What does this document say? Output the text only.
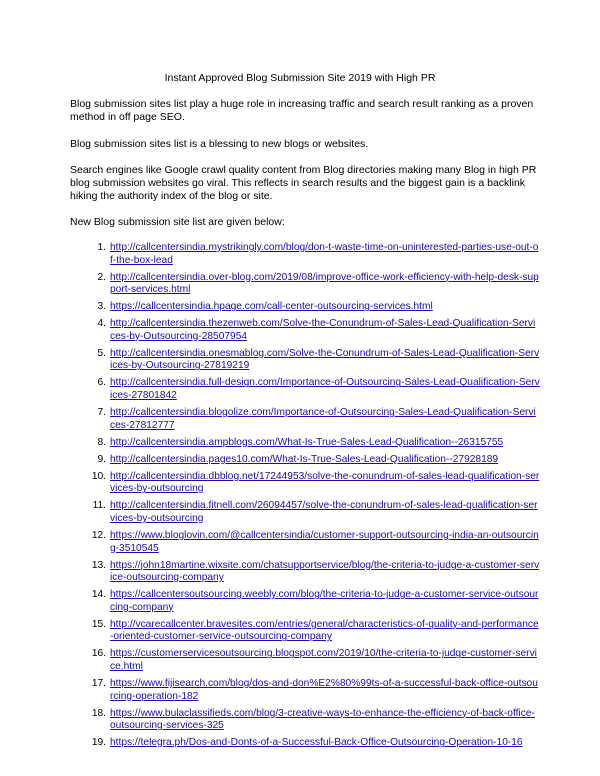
Instant Approved Blog Submission Site 2019 with High PR

Blog submission sites list play a huge role in increasing traffic and search result ranking as a proven method in off page SEO.

Blog submission sites list is a blessing to new blogs or websites.

Search engines like Google crawl quality content from Blog directories making many Blog in high PR blog submission websites go viral. This reflects in search results and the biggest gain is a backlink hiking the authority index of the blog or site.

New Blog submission site list are given below:

1. http://callcentersindia.mystrikingly.com/blog/don-t-waste-time-on-uninterested-parties-use-out-of-the-box-lead
2. http://callcentersindia.over-blog.com/2019/08/improve-office-work-efficiency-with-help-desk-support-services.html
3. https://callcentersindia.hpage.com/call-center-outsourcing-services.html
4. http://callcentersindia.thezenweb.com/Solve-the-Conundrum-of-Sales-Lead-Qualification-Services-by-Outsourcing-28507954
5. http://callcentersindia.onesmablog.com/Solve-the-Conundrum-of-Sales-Lead-Qualification-Services-by-Outsourcing-27819219
6. http://callcentersindia.full-design.com/Importance-of-Outsourcing-Sales-Lead-Qualification-Services-27801842
7. http://callcentersindia.blogolize.com/Importance-of-Outsourcing-Sales-Lead-Qualification-Services-27812777
8. http://callcentersindia.ampblogs.com/What-Is-True-Sales-Lead-Qualification--26315755
9. http://callcentersindia.pages10.com/What-Is-True-Sales-Lead-Qualification--27928189
10. http://callcentersindia.dbblog.net/17244953/solve-the-conundrum-of-sales-lead-qualification-services-by-outsourcing
11. http://callcentersindia.fitnell.com/26094457/solve-the-conundrum-of-sales-lead-qualification-services-by-outsourcing
12. https://www.bloglovin.com/@callcentersindia/customer-support-outsourcing-india-an-outsourcing-3510545
13. https://john18martine.wixsite.com/chatsupportservice/blog/the-criteria-to-judge-a-customer-service-outsourcing-company
14. https://callcentersoutsourcing.weebly.com/blog/the-criteria-to-judge-a-customer-service-outsourcing-company
15. http://vcarecallcenter.bravesites.com/entries/general/characteristics-of-quality-and-performance-oriented-customer-service-outsourcing-company
16. https://customerservicesoutsourcing.blogspot.com/2019/10/the-criteria-to-judge-customer-service.html
17. https://www.fijisearch.com/blog/dos-and-don%E2%80%99ts-of-a-successful-back-office-outsourcing-operation-182
18. https://www.bulaclassifieds.com/blog/3-creative-ways-to-enhance-the-efficiency-of-back-office-outsourcing-services-325
19. https://telegra.ph/Dos-and-Donts-of-a-Successful-Back-Office-Outsourcing-Operation-10-16
